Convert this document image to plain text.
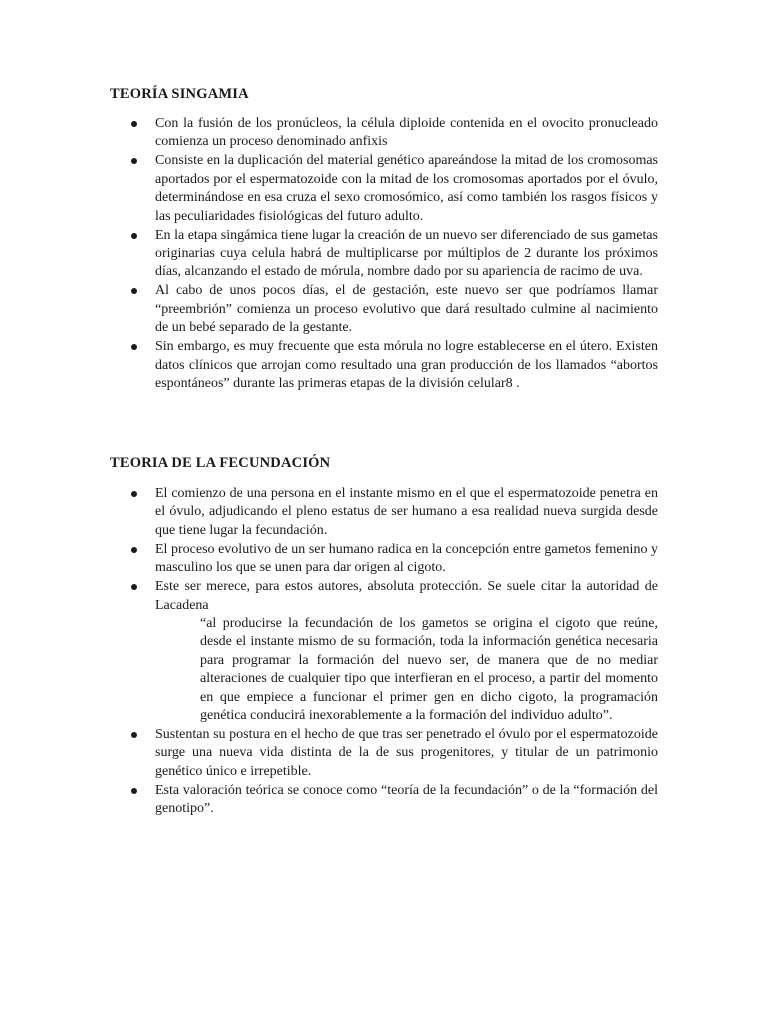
TEORÍA SINGAMIA
Con la fusión de los pronúcleos, la célula diploide contenida en el ovocito pronucleado comienza un proceso denominado anfixis
Consiste en la duplicación del material genético apareándose la mitad de los cromosomas aportados por el espermatozoide con la mitad de los cromosomas aportados por el óvulo, determinándose en esa cruza el sexo cromosómico, así como también los rasgos físicos y las peculiaridades fisiológicas del futuro adulto.
En la etapa singámica tiene lugar la creación de un nuevo ser diferenciado de sus gametas originarias cuya celula habrá de multiplicarse por múltiplos de 2 durante los próximos días, alcanzando el estado de mórula, nombre dado por su apariencia de racimo de uva.
Al cabo de unos pocos días, el de gestación, este nuevo ser que podríamos llamar “preembrión” comienza un proceso evolutivo que dará resultado culmine al nacimiento de un bebé separado de la gestante.
Sin embargo, es muy frecuente que esta mórula no logre establecerse en el útero. Existen datos clínicos que arrojan como resultado una gran producción de los llamados “abortos espontáneos” durante las primeras etapas de la división celular8 .
TEORIA DE LA FECUNDACIÓN
El comienzo de una persona en el instante mismo en el que el espermatozoide penetra en el óvulo, adjudicando el pleno estatus de ser humano a esa realidad nueva surgida desde que tiene lugar la fecundación.
El proceso evolutivo de un ser humano radica en la concepción entre gametos femenino y masculino los que se unen para dar origen al cigoto.
Este ser merece, para estos autores, absoluta protección. Se suele citar la autoridad de Lacadena
“al producirse la fecundación de los gametos se origina el cigoto que reúne, desde el instante mismo de su formación, toda la información genética necesaria para programar la formación del nuevo ser, de manera que de no mediar alteraciones de cualquier tipo que interfieran en el proceso, a partir del momento en que empiece a funcionar el primer gen en dicho cigoto, la programación genética conducirá inexorablemente a la formación del individuo adulto”.
Sustentan su postura en el hecho de que tras ser penetrado el óvulo por el espermatozoide surge una nueva vida distinta de la de sus progenitores, y titular de un patrimonio genético único e irrepetible.
Esta valoración teórica se conoce como “teoría de la fecundación” o de la “formación del genotipo”.
